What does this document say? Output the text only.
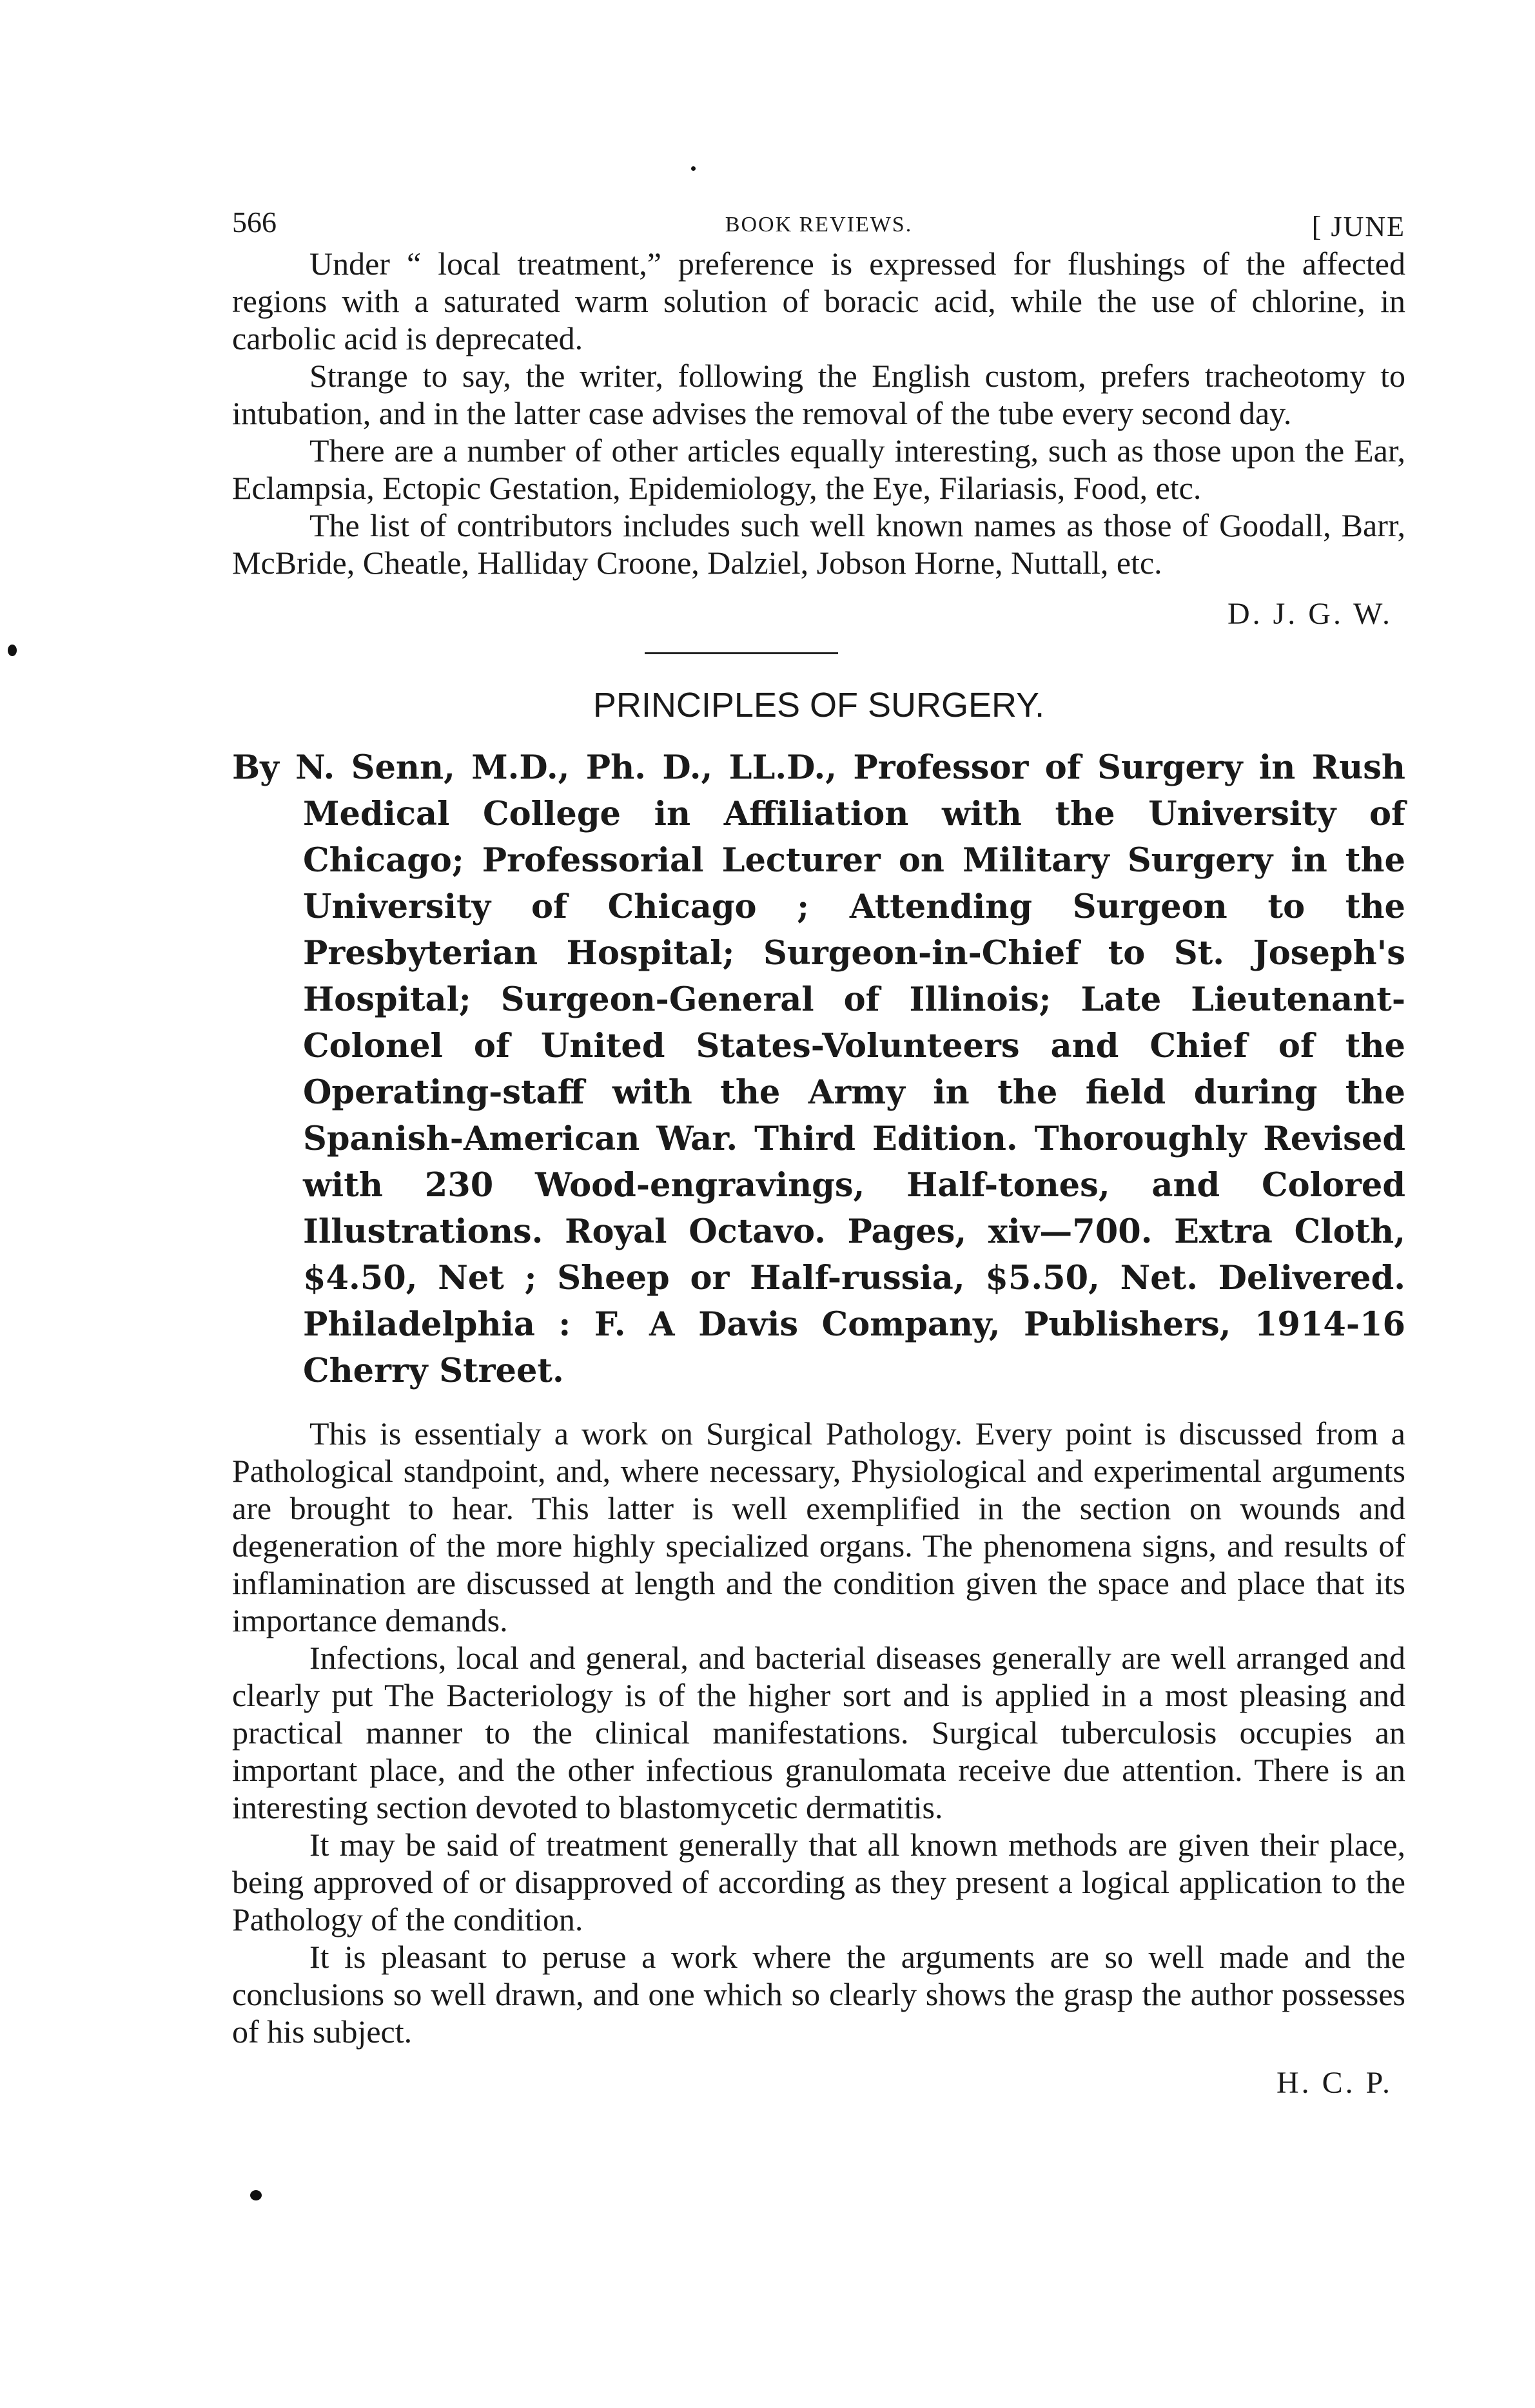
566	BOOK REVIEWS.	[ JUNE

Under “ local treatment,” preference is expressed for flushings of the affected regions with a saturated warm solution of boracic acid, while the use of chlorine, in carbolic acid is deprecated.

Strange to say, the writer, following the English custom, prefers tracheotomy to intubation, and in the latter case advises the removal of the tube every second day.

There are a number of other articles equally interesting, such as those upon the Ear, Eclampsia, Ectopic Gestation, Epidemiology, the Eye, Filariasis, Food, etc.

The list of contributors includes such well known names as those of Goodall, Barr, McBride, Cheatle, Halliday Croone, Dalziel, Jobson Horne, Nuttall, etc.

D. J. G. W.
PRINCIPLES OF SURGERY.

By N. Senn, M.D., Ph. D., LL.D., Professor of Surgery in Rush Medical College in Affiliation with the University of Chicago; Professorial Lecturer on Military Surgery in the University of Chicago ; Attending Surgeon to the Presbyterian Hospital; Surgeon-in-Chief to St. Joseph's Hospital; Surgeon-General of Illinois; Late Lieutenant-Colonel of United States-Volunteers and Chief of the Operating-staff with the Army in the field during the Spanish-American War. Third Edition. Thoroughly Revised with 230 Wood-engravings, Half-tones, and Colored Illustrations. Royal Octavo. Pages, xiv—700. Extra Cloth, $4.50, Net ; Sheep or Half-russia, $5.50, Net. Delivered. Philadelphia : F. A Davis Company, Publishers, 1914-16 Cherry Street.

This is essentialy a work on Surgical Pathology. Every point is discussed from a Pathological standpoint, and, where necessary, Physiological and experimental arguments are brought to hear. This latter is well exemplified in the section on wounds and degeneration of the more highly specialized organs. The phenomena signs, and results of inflamination are discussed at length and the condition given the space and place that its importance demands.

Infections, local and general, and bacterial diseases generally are well arranged and clearly put The Bacteriology is of the higher sort and is applied in a most pleasing and practical manner to the clinical manifestations. Surgical tuberculosis occupies an important place, and the other infectious granulomata receive due attention. There is an interesting section devoted to blastomycetic dermatitis.

It may be said of treatment generally that all known methods are given their place, being approved of or disapproved of according as they present a logical application to the Pathology of the condition.

It is pleasant to peruse a work where the arguments are so well made and the conclusions so well drawn, and one which so clearly shows the grasp the author possesses of his subject.

H. C. P.
